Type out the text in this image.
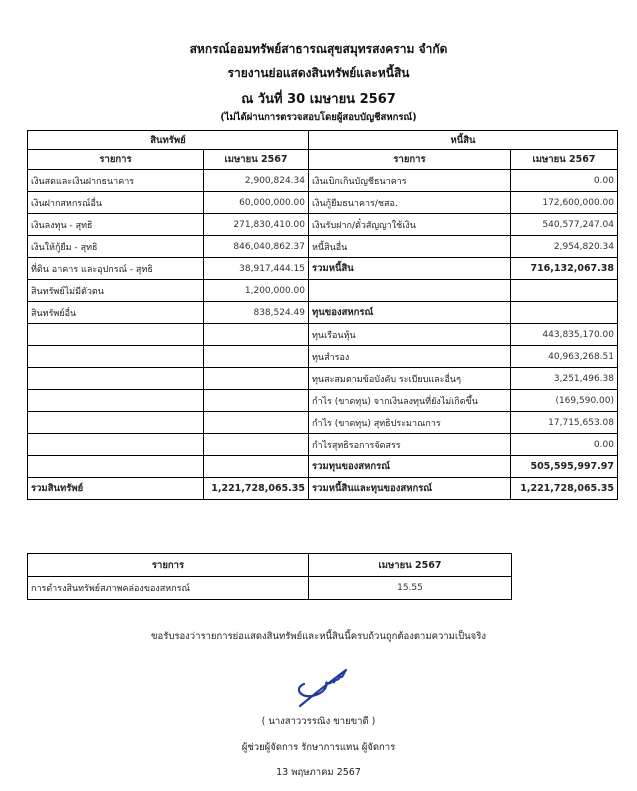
สหกรณ์ออมทรัพย์สาธารณสุขสมุทรสงคราม จำกัด
รายงานย่อแสดงสินทรัพย์และหนี้สิน
ณ วันที่ 30 เมษายน 2567
(ไม่ได้ผ่านการตรวจสอบโดยผู้สอบบัญชีสหกรณ์)
สินทรัพย์		หนี้สิน	
รายการ	เมษายน 2567	รายการ	เมษายน 2567
เงินสดและเงินฝากธนาคาร	2,900,824.34	เงินเบิกเกินบัญชีธนาคาร	0.00
เงินฝากสหกรณ์อื่น	60,000,000.00	เงินกู้ยืมธนาคาร/ชสอ.	172,600,000.00
เงินลงทุน - สุทธิ	271,830,410.00	เงินรับฝาก/ตั๋วสัญญาใช้เงิน	540,577,247.04
เงินให้กู้ยืม - สุทธิ	846,040,862.37	หนี้สินอื่น	2,954,820.34
ที่ดิน อาคาร และอุปกรณ์ - สุทธิ	38,917,444.15	รวมหนี้สิน	716,132,067.38
สินทรัพย์ไม่มีตัวตน	1,200,000.00		
สินทรัพย์อื่น	838,524.49	ทุนของสหกรณ์	
		ทุนเรือนหุ้น	443,835,170.00
		ทุนสำรอง	40,963,268.51
		ทุนสะสมตามข้อบังคับ ระเบียบและอื่นๆ	3,251,496.38
		กำไร (ขาดทุน) จากเงินลงทุนที่ยังไม่เกิดขึ้น	(169,590.00)
		กำไร (ขาดทุน) สุทธิประมาณการ	17,715,653.08
		กำไรสุทธิรอการจัดสรร	0.00
		รวมทุนของสหกรณ์	505,595,997.97
รวมสินทรัพย์	1,221,728,065.35	รวมหนี้สินและทุนของสหกรณ์	1,221,728,065.35
รายการ	เมษายน 2567
การดำรงสินทรัพย์สภาพคล่องของสหกรณ์	15.55
ขอรับรองว่ารายการย่อแสดงสินทรัพย์และหนี้สินนี้ครบถ้วนถูกต้องตามความเป็นจริง
( นางสาววรรณิง ขายขาดี )
ผู้ช่วยผู้จัดการ รักษาการแทน ผู้จัดการ
13 พฤษภาคม 2567
